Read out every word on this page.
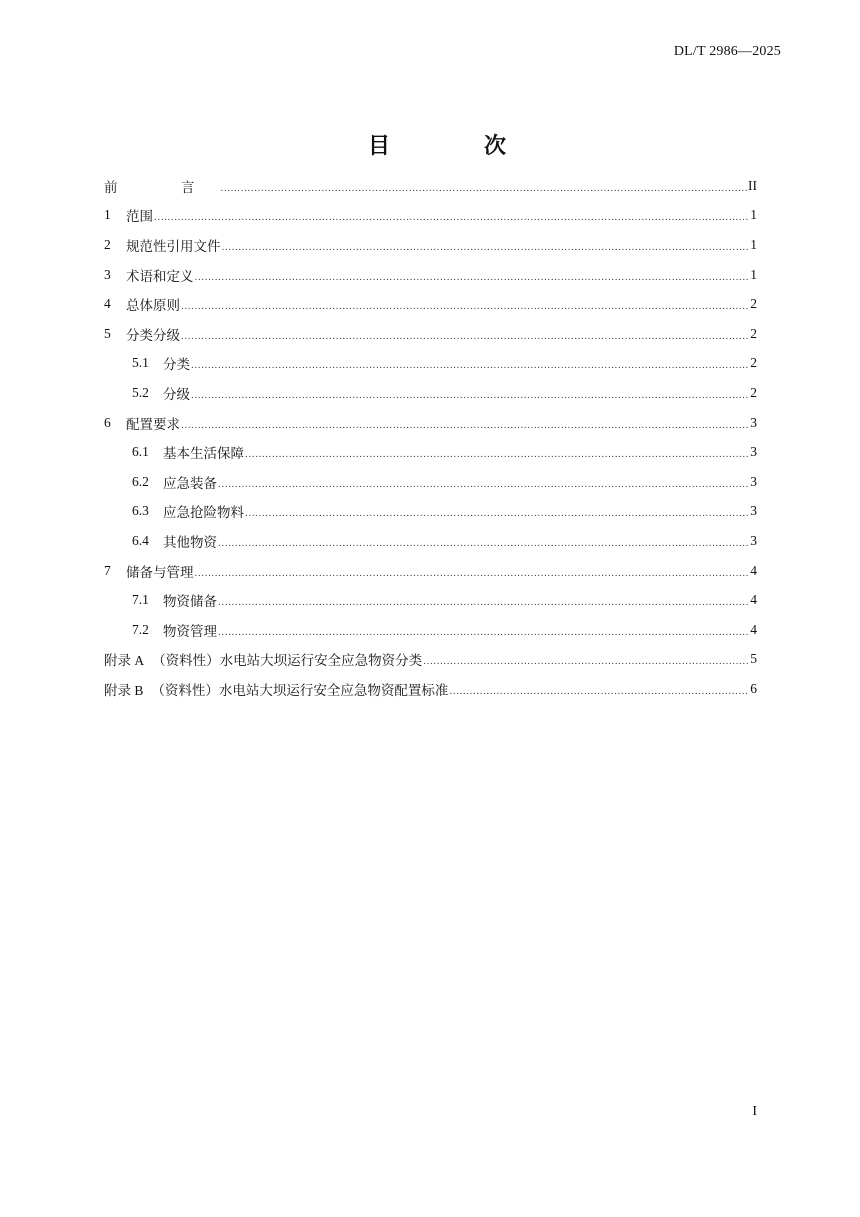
DL/T 2986—2025
目　次
前　言 .....	II
1	范围 .....	1
2	规范性引用文件 .....	1
3	术语和定义 .....	1
4	总体原则 .....	2
5	分类分级 .....	2
5.1	分类 .....	2
5.2	分级 .....	2
6	配置要求 .....	3
6.1	基本生活保障 .....	3
6.2	应急装备 .....	3
6.3	应急抢险物料 .....	3
6.4	其他物资 .....	3
7	储备与管理 .....	4
7.1	物资储备 .....	4
7.2	物资管理 .....	4
附录 A （资料性）水电站大坝运行安全应急物资分类 .....	5
附录 B （资料性）水电站大坝运行安全应急物资配置标准 .....	6
I
